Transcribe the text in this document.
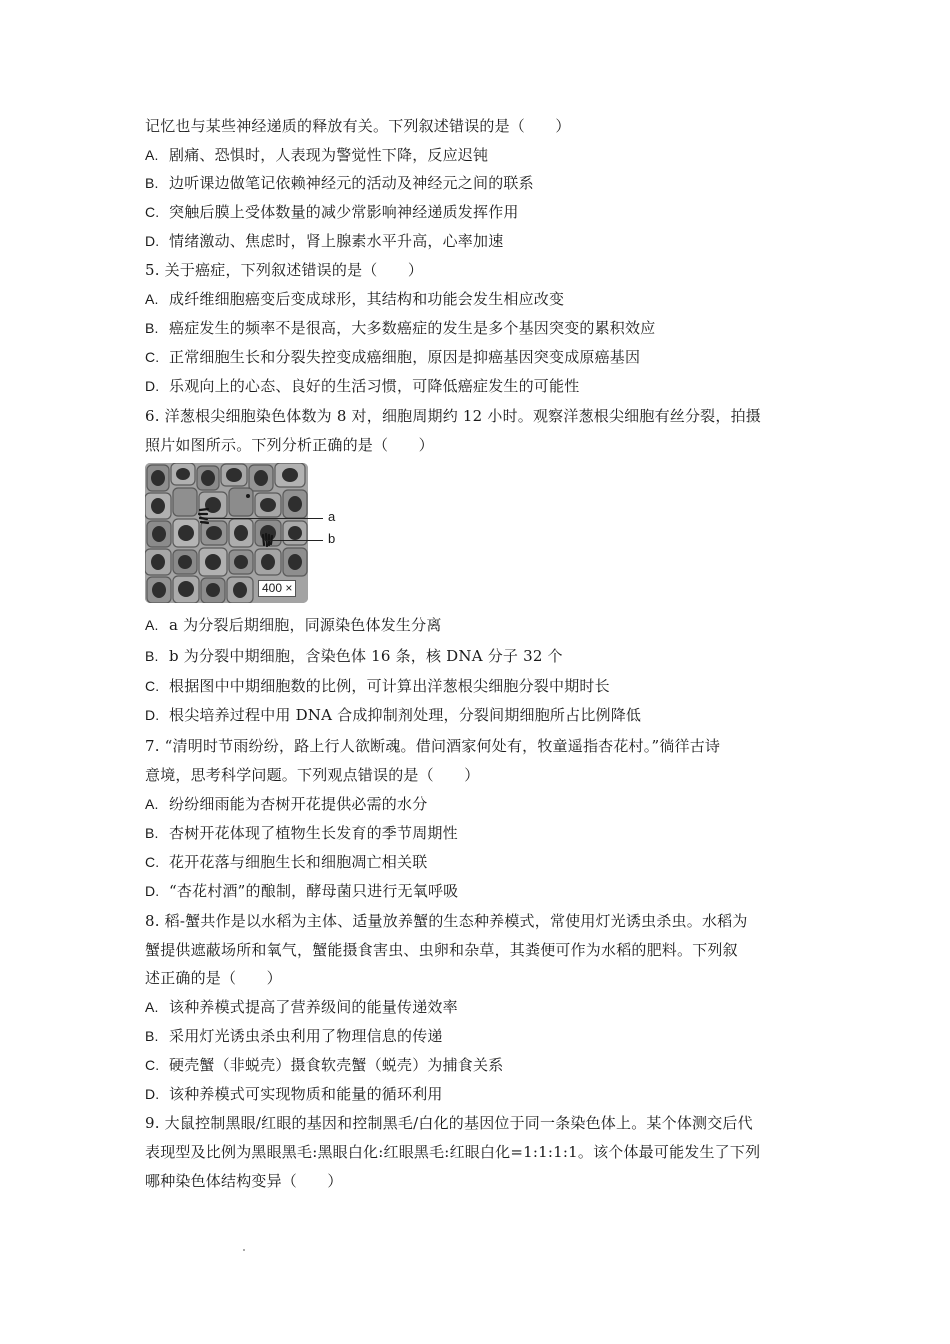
记忆也与某些神经递质的释放有关。下列叙述错误的是（　　）
A. 剧痛、恐惧时，人表现为警觉性下降，反应迟钝
B. 边听课边做笔记依赖神经元的活动及神经元之间的联系
C. 突触后膜上受体数量的减少常影响神经递质发挥作用
D. 情绪激动、焦虑时，肾上腺素水平升高，心率加速
5. 关于癌症，下列叙述错误的是（　　）
A. 成纤维细胞癌变后变成球形，其结构和功能会发生相应改变
B. 癌症发生的频率不是很高，大多数癌症的发生是多个基因突变的累积效应
C. 正常细胞生长和分裂失控变成癌细胞，原因是抑癌基因突变成原癌基因
D. 乐观向上的心态、良好的生活习惯，可降低癌症发生的可能性
6. 洋葱根尖细胞染色体数为 8 对，细胞周期约 12 小时。观察洋葱根尖细胞有丝分裂，拍摄
照片如图所示。下列分析正确的是（　　）
400 ×
a
b
A. a 为分裂后期细胞，同源染色体发生分离
B. b 为分裂中期细胞，含染色体 16 条，核 DNA 分子 32 个
C. 根据图中中期细胞数的比例，可计算出洋葱根尖细胞分裂中期时长
D. 根尖培养过程中用 DNA 合成抑制剂处理，分裂间期细胞所占比例降低
7. “清明时节雨纷纷，路上行人欲断魂。借问酒家何处有，牧童遥指杏花村。”徜徉古诗
意境，思考科学问题。下列观点错误的是（　　）
A. 纷纷细雨能为杏树开花提供必需的水分
B. 杏树开花体现了植物生长发育的季节周期性
C. 花开花落与细胞生长和细胞凋亡相关联
D. “杏花村酒”的酿制，酵母菌只进行无氧呼吸
8. 稻-蟹共作是以水稻为主体、适量放养蟹的生态种养模式，常使用灯光诱虫杀虫。水稻为
蟹提供遮蔽场所和氧气，蟹能摄食害虫、虫卵和杂草，其粪便可作为水稻的肥料。下列叙
述正确的是（　　）
A. 该种养模式提高了营养级间的能量传递效率
B. 采用灯光诱虫杀虫利用了物理信息的传递
C. 硬壳蟹（非蜕壳）摄食软壳蟹（蜕壳）为捕食关系
D. 该种养模式可实现物质和能量的循环利用
9. 大鼠控制黑眼/红眼的基因和控制黑毛/白化的基因位于同一条染色体上。某个体测交后代
表现型及比例为黑眼黑毛:黑眼白化:红眼黑毛:红眼白化=1:1:1:1。该个体最可能发生了下列
哪种染色体结构变异（　　）
